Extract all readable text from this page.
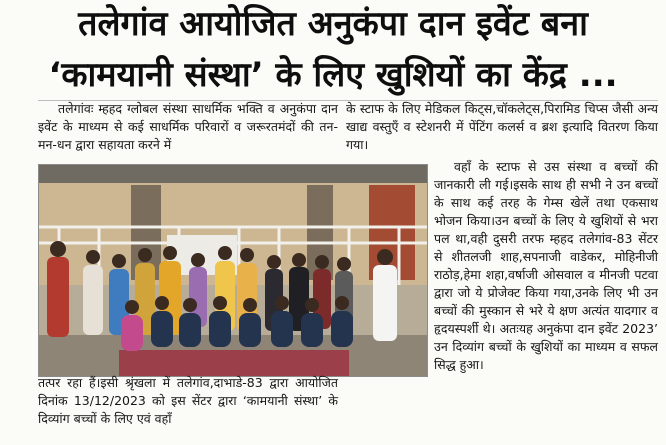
तलेगांव आयोजित अनुकंपा दान इवेंट बना
‘कामयानी संस्था’ के लिए खुशियों का केंद्र ...

तलेगांवः म्हहद ग्लोबल संस्था साधर्मिक भक्ति व अनुकंपा दान इवेंट के माध्यम से कई साधर्मिक परिवारों व जरूरतमंदों की तन-मन-धन द्वारा सहायता करने में

तत्पर रहा हैं।इसी श्रृंखला में तलेगांव,दाभाडे-83 द्वारा आयोजित दिनांक 13/12/2023 को इस सेंटर द्वारा ‘कामयानी संस्था’ के दिव्यांग बच्चों के लिए एवं वहाँ

के स्टाफ के लिए मेडिकल किट्स,चॉकलेट्स,पिरामिड चिप्स जैसी अन्य खाद्य वस्तुएँ व स्टेशनरी में पेंटिंग कलर्स व ब्रश इत्यादि वितरण किया गया।

वहाँ के स्टाफ से उस संस्था व बच्चों की जानकारी ली गई।इसके साथ ही सभी ने उन बच्चों के साथ कई तरह के गेम्स खेलें तथा एकसाथ भोजन किया।उन बच्चों के लिए ये खुशियों से भरा पल था,वही दुसरी तरफ म्हहद तलेगांव-83 सेंटर से शीतलजी शाह,सपनाजी वाडेकर, मोहिनीजी राठोड़,हेमा शहा,वर्षाजी ओसवाल व मीनजी पटवा द्वारा जो ये प्रोजेक्ट किया गया,उनके लिए भी उन बच्चों की मुस्कान से भरे ये क्षण अत्यंत यादगार व हृदयस्पर्शी थे। अतःयह अनुकंपा दान इवेंट 2023’ उन दिव्यांग बच्चों के खुशियों का माध्यम व सफल सिद्ध हुआ।
